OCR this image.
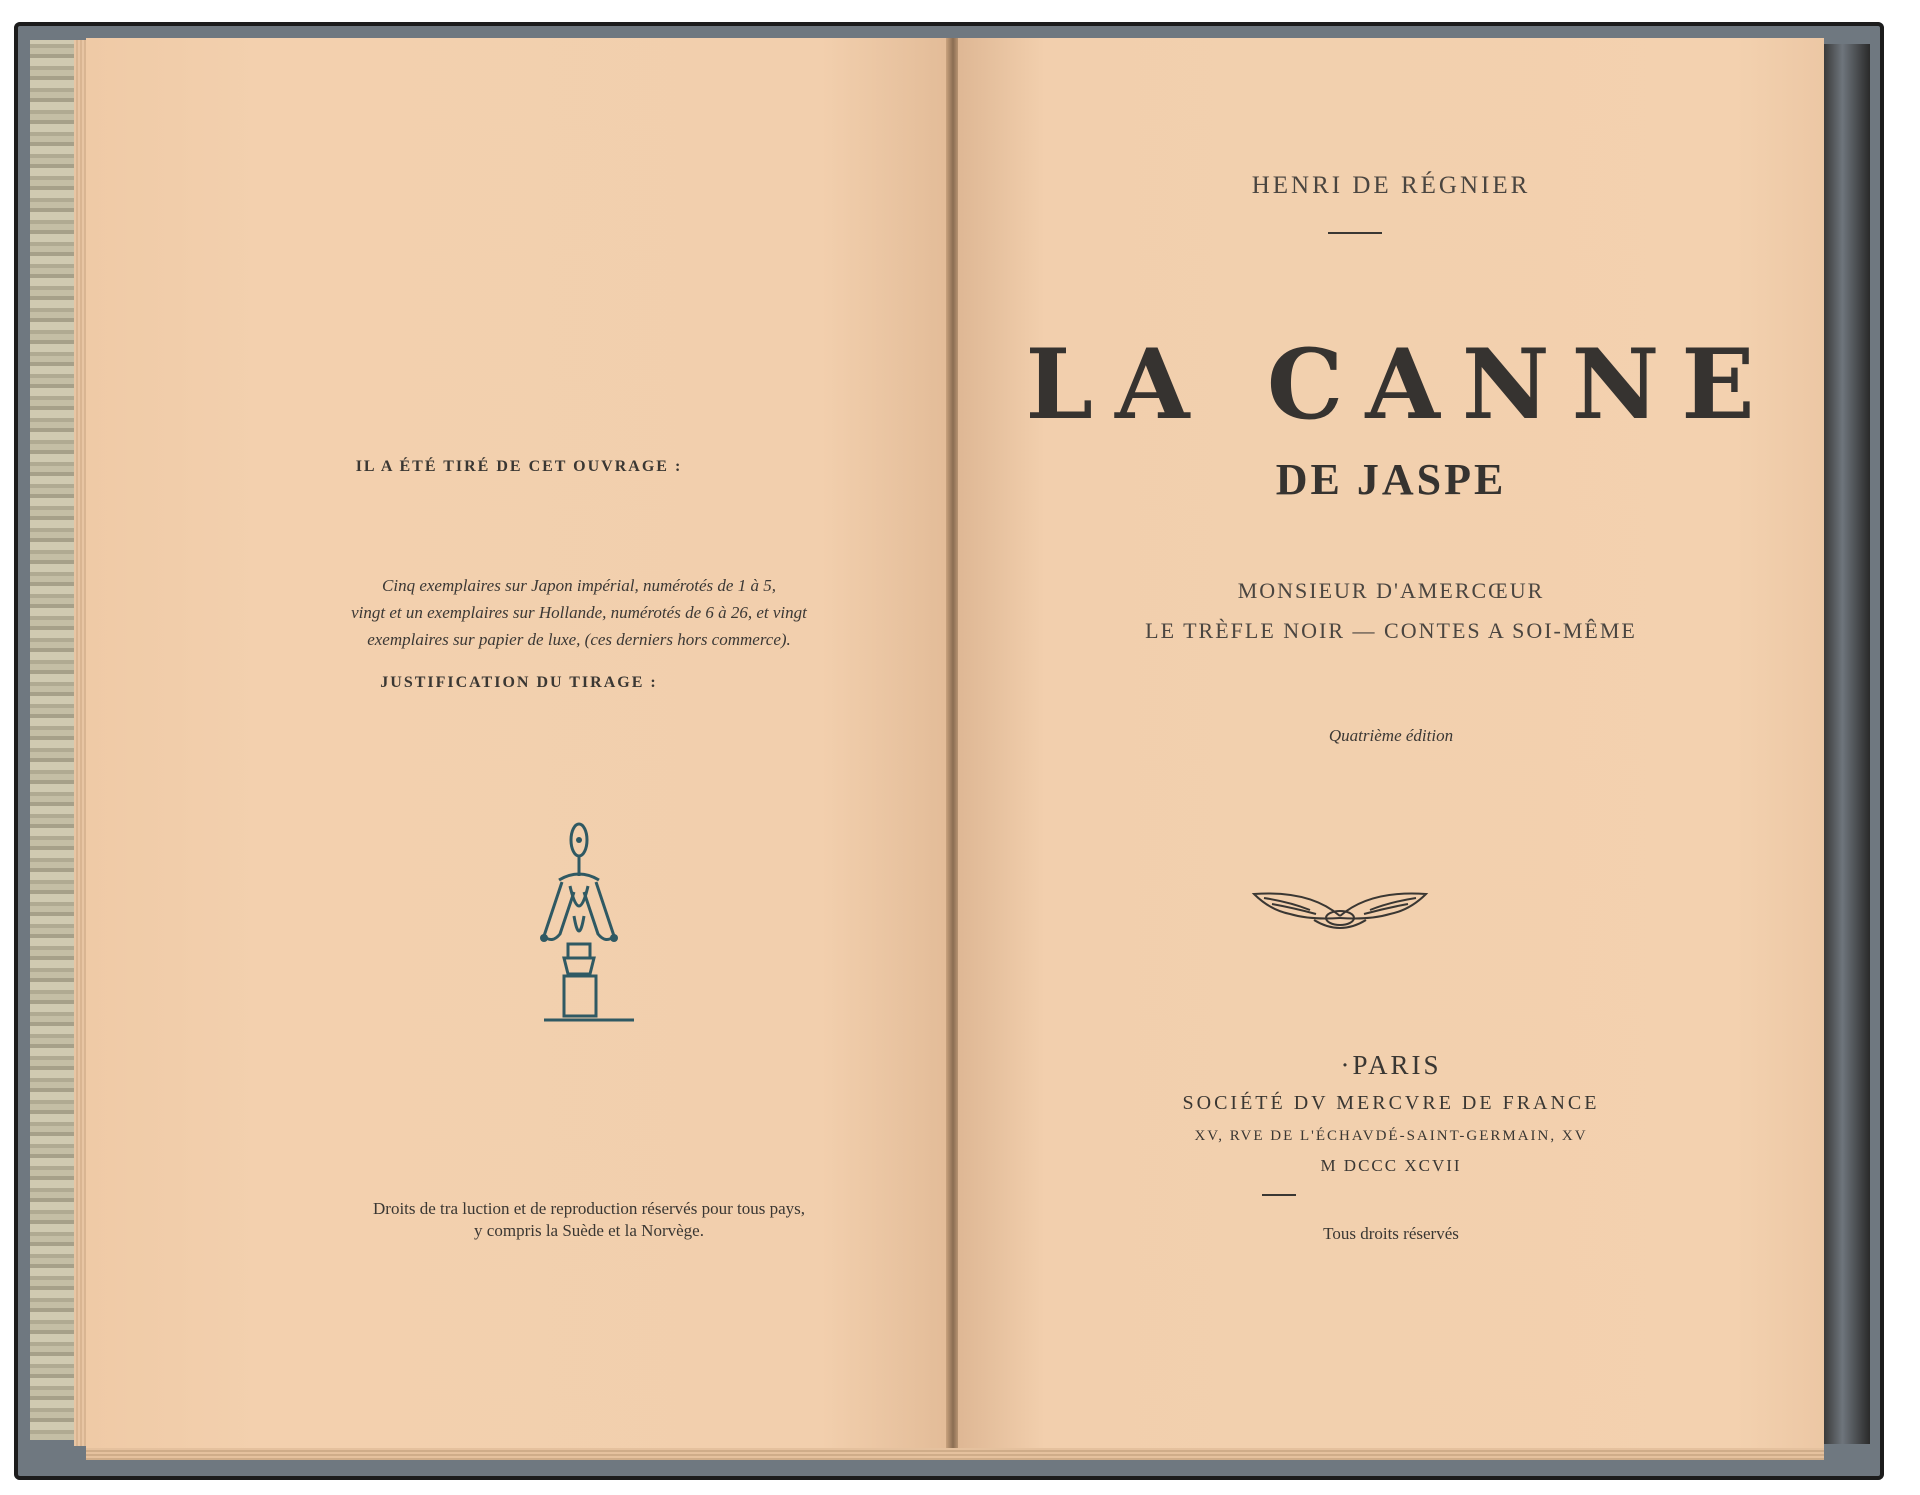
IL A ÉTÉ TIRÉ DE CET OUVRAGE :
Cinq exemplaires sur Japon impérial, numérotés de 1 à 5,
vingt et un exemplaires sur Hollande, numérotés de 6 à 26, et vingt
exemplaires sur papier de luxe, (ces derniers hors commerce).
JUSTIFICATION DU TIRAGE :
Droits de tra luction et de reproduction réservés pour tous pays,
y compris la Suède et la Norvège.
HENRI DE RÉGNIER
LA CANNE
DE JASPE
MONSIEUR D'AMERCŒUR
LE TRÈFLE NOIR — CONTES A SOI-MÊME
Quatrième édition
·PARIS
SOCIÉTÉ DV MERCVRE DE FRANCE
XV, RVE DE L'ÉCHAVDÉ-SAINT-GERMAIN, XV
M DCCC XCVII
Tous droits réservés
